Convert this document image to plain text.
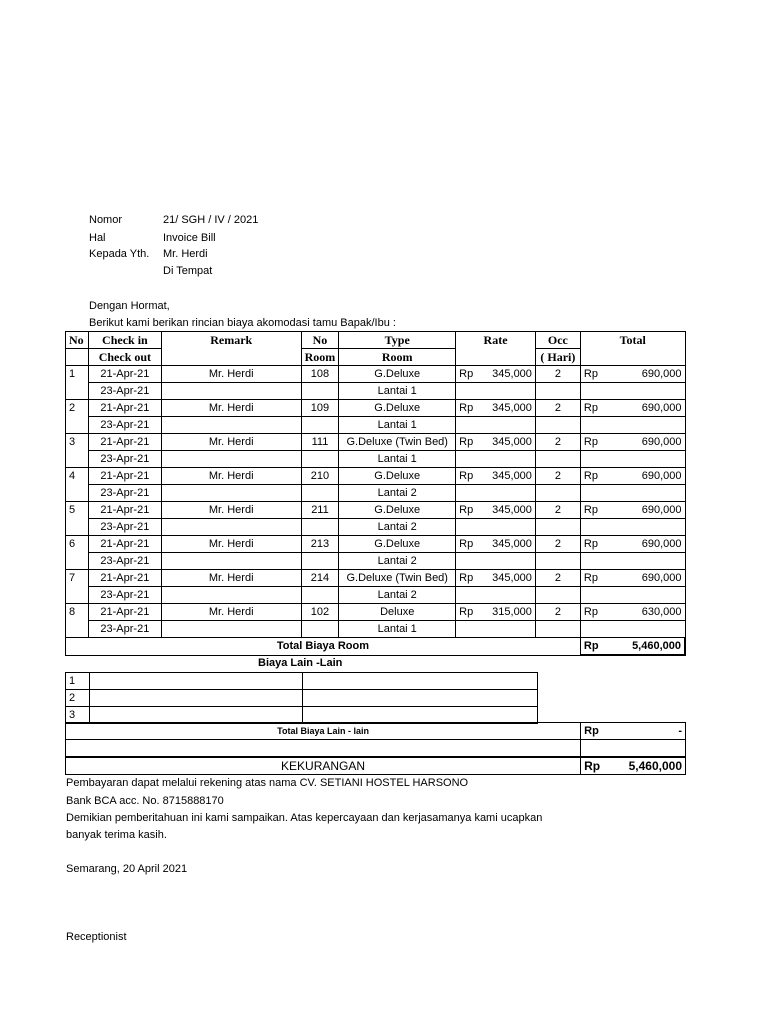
Nomor	21/ SGH / IV / 2021
Hal	Invoice Bill
Kepada Yth. Mr. Herdi
Di Tempat
Dengan Hormat,
Berikut kami berikan rincian biaya akomodasi tamu Bapak/Ibu :
No	Check in	Remark	No	Type	Rate	Occ	Total
	Check out		Room	Room		( Hari)	
1	21-Apr-21	Mr. Herdi	108	G.Deluxe	Rp 345,000	2	Rp 690,000

	23-Apr-21			Lantai 1			
2	21-Apr-21	Mr. Herdi	109	G.Deluxe	Rp 345,000	2	Rp 690,000

	23-Apr-21			Lantai 1			
3	21-Apr-21	Mr. Herdi	111	G.Deluxe (Twin Bed)	Rp 345,000	2	Rp 690,000

	23-Apr-21			Lantai 1			
4	21-Apr-21	Mr. Herdi	210	G.Deluxe	Rp 345,000	2	Rp 690,000

	23-Apr-21			Lantai 2			
5	21-Apr-21	Mr. Herdi	211	G.Deluxe	Rp 345,000	2	Rp 690,000

	23-Apr-21			Lantai 2			
6	21-Apr-21	Mr. Herdi	213	G.Deluxe	Rp 345,000	2	Rp 690,000

	23-Apr-21			Lantai 2			
7	21-Apr-21	Mr. Herdi	214	G.Deluxe (Twin Bed)	Rp 345,000	2	Rp 690,000

	23-Apr-21			Lantai 2			
8	21-Apr-21	Mr. Herdi	102	Deluxe	Rp 315,000	2	Rp 630,000

	23-Apr-21			Lantai 1			
Total Biaya Room							Rp 5,460,000
Biaya Lain -Lain
1		
2		
3		
Total Biaya Lain - lain	Rp -

KEKURANGAN	Rp 5,460,000
Pembayaran dapat melalui rekening atas nama CV. SETIANI HOSTEL HARSONO
Bank BCA acc. No. 8715888170
Demikian pemberitahuan ini kami sampaikan. Atas kepercayaan dan kerjasamanya kami ucapkan
banyak terima kasih.
Semarang, 20 April 2021
Receptionist
